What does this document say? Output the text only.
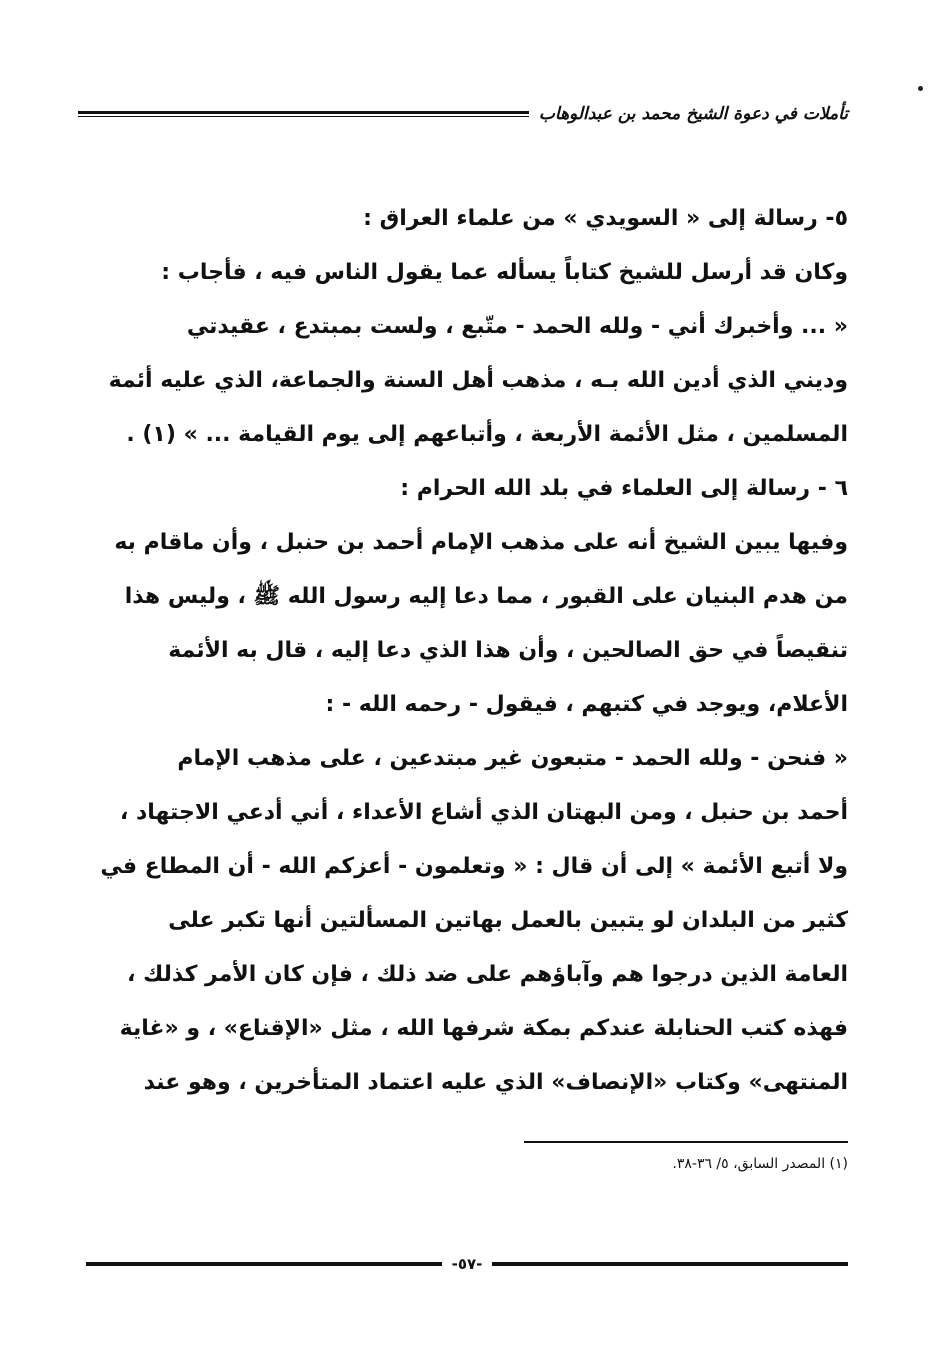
تأملات في دعوة الشيخ محمد بن عبدالوهاب
٥- رسالة إلى « السويدي » من علماء العراق :
وكان قد أرسل للشيخ كتاباً يسأله عما يقول الناس فيه ، فأجاب :
« ... وأخبرك أني - ولله الحمد - متّبع ، ولست بمبتدع ، عقيدتي
وديني الذي أدين الله بـه ، مذهب أهل السنة والجماعة، الذي عليه أئمة
المسلمين ، مثل الأئمة الأربعة ، وأتباعهم إلى يوم القيامة ... » (١) .
٦ - رسالة إلى العلماء في بلد الله الحرام :
وفيها يبين الشيخ أنه على مذهب الإمام أحمد بن حنبل ، وأن ماقام به
من هدم البنيان على القبور ، مما دعا إليه رسول الله ﷺ ، وليس هذا
تنقيصاً في حق الصالحين ، وأن هذا الذي دعا إليه ، قال به الأئمة
الأعلام، ويوجد في كتبهم ، فيقول - رحمه الله - :
« فنحن - ولله الحمد - متبعون غير مبتدعين ، على مذهب الإمام
أحمد بن حنبل ، ومن البهتان الذي أشاع الأعداء ، أني أدعي الاجتهاد ،
ولا أتبع الأئمة » إلى أن قال : « وتعلمون - أعزكم الله - أن المطاع في
كثير من البلدان لو يتبين بالعمل بهاتين المسألتين أنها تكبر على
العامة الذين درجوا هم وآباؤهم على ضد ذلك ، فإن كان الأمر كذلك ،
فهذه كتب الحنابلة عندكم بمكة شرفها الله ، مثل «الإقناع» ، و «غاية
المنتهى» وكتاب «الإنصاف» الذي عليه اعتماد المتأخرين ، وهو عند
(١) المصدر السابق، ٥/ ٣٦-٣٨.
-٥٧-
